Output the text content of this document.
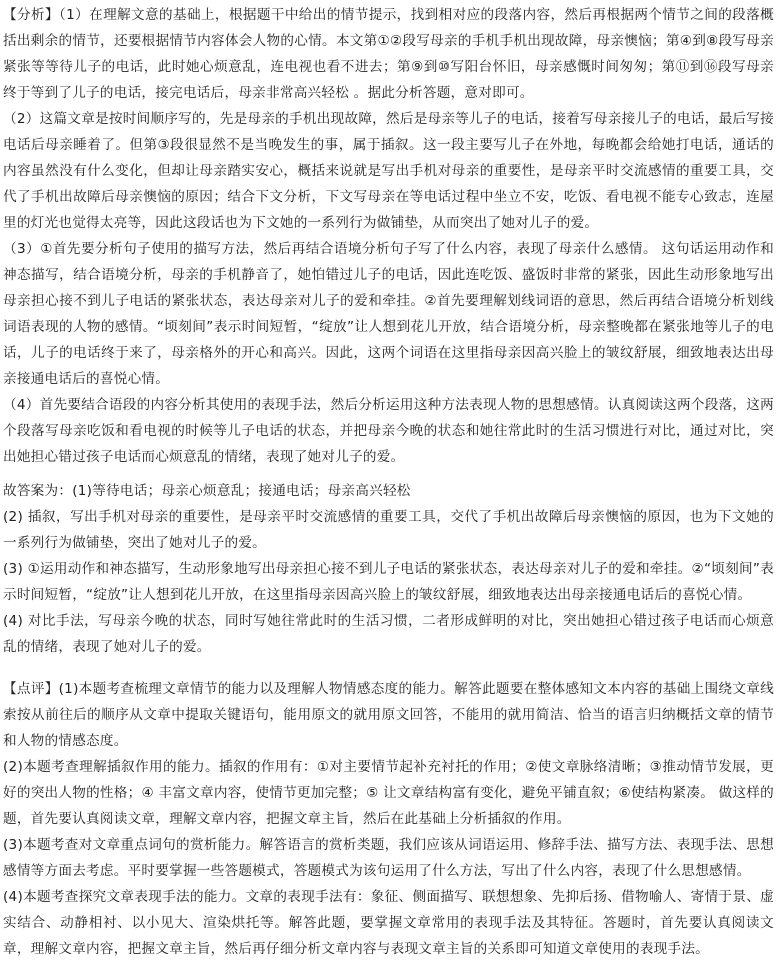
【分析】（1）在理解文意的基础上，根据题干中给出的情节提示，找到相对应的段落内容，然后再根据两个情节之间的段落概括出剩余的情节，还要根据情节内容体会人物的心情。本文第①②段写母亲的手机手机出现故障，母亲懊恼；第④到⑧段写母亲紧张等等待儿子的电话，此时她心烦意乱，连电视也看不进去；第⑨到⑩写阳台怀旧，母亲感慨时间匆匆；第⑪到⑯段写母亲终于等到了儿子的电话，接完电话后，母亲非常高兴轻松 。据此分析答题，意对即可。

（2）这篇文章是按时间顺序写的，先是母亲的手机出现故障，然后是母亲等儿子的电话，接着写母亲接儿子的电话，最后写接电话后母亲睡着了。但第③段很显然不是当晚发生的事，属于插叙。这一段主要写儿子在外地，每晚都会给她打电话，通话的内容虽然没有什么变化，但却让母亲踏实安心，概括来说就是写出手机对母亲的重要性，是母亲平时交流感情的重要工具，交代了手机出故障后母亲懊恼的原因；结合下文分析，下文写母亲在等电话过程中坐立不安，吃饭、看电视不能专心致志，连屋里的灯光也觉得太亮等，因此这段话也为下文她的一系列行为做铺垫，从而突出了她对儿子的爱。

（3）①首先要分析句子使用的描写方法，然后再结合语境分析句子写了什么内容，表现了母亲什么感情。 这句话运用动作和神态描写，结合语境分析，母亲的手机静音了，她怕错过儿子的电话，因此连吃饭、盛饭时非常的紧张，因此生动形象地写出母亲担心接不到儿子电话的紧张状态，表达母亲对儿子的爱和牵挂。②首先要理解划线词语的意思，然后再结合语境分析划线词语表现的人物的感情。“顷刻间”表示时间短暂，“绽放”让人想到花儿开放，结合语境分析，母亲整晚都在紧张地等儿子的电话，儿子的电话终于来了，母亲格外的开心和高兴。因此，这两个词语在这里指母亲因高兴脸上的皱纹舒展，细致地表达出母亲接通电话后的喜悦心情。

（4）首先要结合语段的内容分析其使用的表现手法，然后分析运用这种方法表现人物的思想感情。认真阅读这两个段落，这两个段落写母亲吃饭和看电视的时候等儿子电话的状态，并把母亲今晚的状态和她往常此时的生活习惯进行对比，通过对比，突出她担心错过孩子电话而心烦意乱的情绪，表现了她对儿子的爱。

故答案为：(1)等待电话；母亲心烦意乱；接通电话；母亲高兴轻松

(2) 插叙，写出手机对母亲的重要性，是母亲平时交流感情的重要工具，交代了手机出故障后母亲懊恼的原因，也为下文她的一系列行为做铺垫，突出了她对儿子的爱。

(3) ①运用动作和神态描写，生动形象地写出母亲担心接不到儿子电话的紧张状态，表达母亲对儿子的爱和牵挂。②“顷刻间”表示时间短暂，“绽放”让人想到花儿开放，在这里指母亲因高兴脸上的皱纹舒展，细致地表达出母亲接通电话后的喜悦心情。

(4) 对比手法，写母亲今晚的状态，同时写她往常此时的生活习惯，二者形成鲜明的对比，突出她担心错过孩子电话而心烦意乱的情绪，表现了她对儿子的爱。

【点评】(1)本题考查梳理文章情节的能力以及理解人物情感态度的能力。解答此题要在整体感知文本内容的基础上围绕文章线索按从前往后的顺序从文章中提取关键语句，能用原文的就用原文回答，不能用的就用简洁、恰当的语言归纳概括文章的情节和人物的情感态度。

(2)本题考查理解插叙作用的能力。插叙的作用有：①对主要情节起补充衬托的作用；②使文章脉络清晰；③推动情节发展，更好的突出人物的性格；④ 丰富文章内容，使情节更加完整；⑤ 让文章结构富有变化，避免平铺直叙；⑥使结构紧凑。 做这样的题，首先要认真阅读文章，理解文章内容，把握文章主旨，然后在此基础上分析插叙的作用。

(3)本题考查对文章重点词句的赏析能力。解答语言的赏析类题，我们应该从词语运用、修辞手法、描写方法、表现手法、思想感情等方面去考虑。平时要掌握一些答题模式，答题模式为该句运用了什么方法，写出了什么内容，表现了什么思想感情。

(4)本题考查探究文章表现手法的能力。文章的表现手法有：象征、侧面描写、联想想象、先抑后扬、借物喻人、寄情于景、虚实结合、动静相衬、以小见大、渲染烘托等。解答此题，要掌握文章常用的表现手法及其特征。答题时，首先要认真阅读文章，理解文章内容，把握文章主旨，然后再仔细分析文章内容与表现文章主旨的关系即可知道文章使用的表现手法。
